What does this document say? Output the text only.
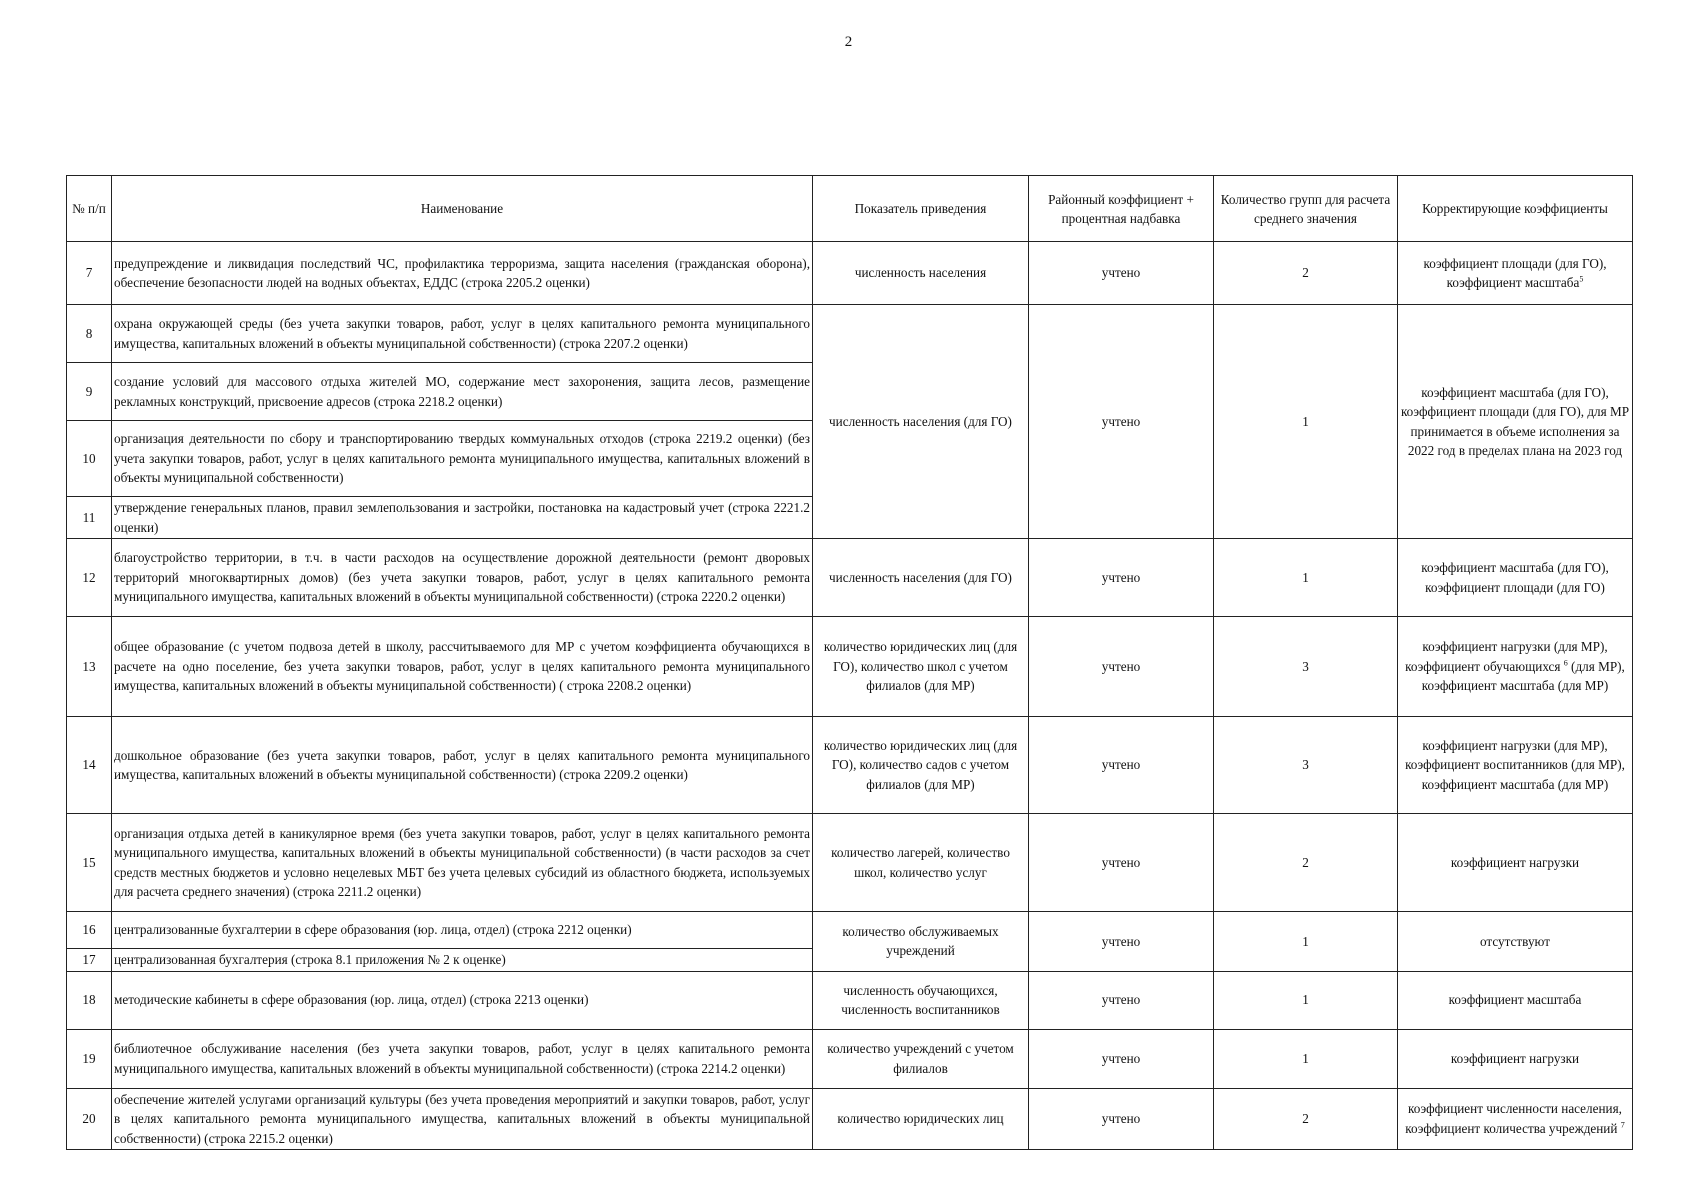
2
№ п/п	Наименование	Показатель приведения	Районный коэффициент + процентная надбавка	Количество групп для расчета среднего значения	Корректирующие коэффициенты
7	предупреждение и ликвидация последствий ЧС, профилактика терроризма, защита населения (гражданская оборона), обеспечение безопасности людей на водных объектах, ЕДДС (строка 2205.2 оценки)	численность населения	учтено	2	коэффициент площади (для ГО), коэффициент масштаба$^5$
8	охрана окружающей среды (без учета закупки товаров, работ, услуг в целях капитального ремонта муниципального имущества, капитальных вложений в объекты муниципальной собственности) (строка 2207.2 оценки)	численность населения (для ГО)	учтено	1	коэффициент масштаба (для ГО), коэффициент площади (для ГО), для МР принимается в объеме исполнения за 2022 год в пределах плана на 2023 год
9	создание условий для массового отдыха жителей МО, содержание мест захоронения, защита лесов, размещение рекламных конструкций, присвоение адресов (строка 2218.2 оценки)				
10	организация деятельности по сбору и транспортированию твердых коммунальных отходов (строка 2219.2 оценки) (без учета закупки товаров, работ, услуг в целях капитального ремонта муниципального имущества, капитальных вложений в объекты муниципальной собственности)				
11	утверждение генеральных планов, правил землепользования и застройки, постановка на кадастровый учет (строка 2221.2 оценки)				
12	благоустройство территории, в т.ч. в части расходов на осуществление дорожной деятельности (ремонт дворовых территорий многоквартирных домов) (без учета закупки товаров, работ, услуг в целях капитального ремонта муниципального имущества, капитальных вложений в объекты муниципальной собственности) (строка 2220.2 оценки)	численность населения (для ГО)	учтено	1	коэффициент масштаба (для ГО), коэффициент площади (для ГО)
13	общее образование (с учетом подвоза детей в школу, рассчитываемого для МР с учетом коэффициента обучающихся в расчете на одно поселение, без учета закупки товаров, работ, услуг в целях капитального ремонта муниципального имущества, капитальных вложений в объекты муниципальной собственности) ( строка 2208.2 оценки)	количество юридических лиц (для ГО), количество школ с учетом филиалов (для МР)	учтено	3	коэффициент нагрузки (для МР), коэффициент обучающихся $^6$ (для МР), коэффициент масштаба (для МР)
14	дошкольное образование (без учета закупки товаров, работ, услуг в целях капитального ремонта муниципального имущества, капитальных вложений в объекты муниципальной собственности) (строка 2209.2 оценки)	количество юридических лиц (для ГО), количество садов с учетом филиалов (для МР)	учтено	3	коэффициент нагрузки (для МР), коэффициент воспитанников (для МР), коэффициент масштаба (для МР)
15	организация отдыха детей в каникулярное время (без учета закупки товаров, работ, услуг в целях капитального ремонта муниципального имущества, капитальных вложений в объекты муниципальной собственности) (в части расходов за счет средств местных бюджетов и условно нецелевых МБТ без учета целевых субсидий из областного бюджета, используемых для расчета среднего значения) (строка 2211.2 оценки)	количество лагерей, количество школ, количество услуг	учтено	2	коэффициент нагрузки
16	централизованные бухгалтерии в сфере образования (юр. лица, отдел) (строка 2212 оценки)	количество обслуживаемых учреждений	учтено	1	отсутствуют
17	централизованная бухгалтерия (строка 8.1 приложения № 2 к оценке)				
18	методические кабинеты в сфере образования (юр. лица, отдел) (строка 2213 оценки)	численность обучающихся, численность воспитанников	учтено	1	коэффициент масштаба
19	библиотечное обслуживание населения (без учета закупки товаров, работ, услуг в целях капитального ремонта муниципального имущества, капитальных вложений в объекты муниципальной собственности) (строка 2214.2 оценки)	количество учреждений с учетом филиалов	учтено	1	коэффициент нагрузки
20	обеспечение жителей услугами организаций культуры (без учета проведения мероприятий и закупки товаров, работ, услуг в целях капитального ремонта муниципального имущества, капитальных вложений в объекты муниципальной собственности) (строка 2215.2 оценки)	количество юридических лиц	учтено	2	коэффициент численности населения, коэффициент количества учреждений $^7$
